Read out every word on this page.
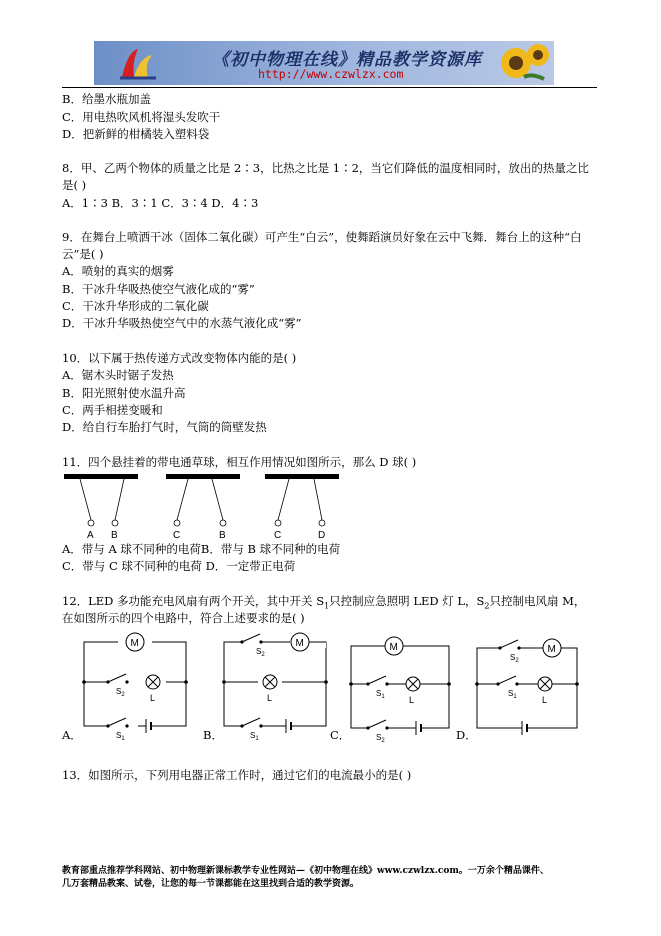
《初中物理在线》精品教学资源库
http://www.czwlzx.com
B．给墨水瓶加盖
C．用电热吹风机将湿头发吹干
D．把新鲜的柑橘装入塑料袋
8．甲、乙两个物体的质量之比是 2∶3，比热之比是 1∶2，当它们降低的温度相同时，放出的热量之比
是( )
A．1∶3 B．3∶1 C．3∶4 D．4∶3
9．在舞台上喷洒干冰（固体二氧化碳）可产生“白云”，使舞蹈演员好象在云中飞舞．舞台上的这种“白
云”是( )
A．喷射的真实的烟雾
B．干冰升华吸热使空气液化成的“雾”
C．干冰升华形成的二氧化碳
D．干冰升华吸热使空气中的水蒸气液化成“雾”
10．以下属于热传递方式改变物体内能的是( )
A．锯木头时锯子发热
B．阳光照射使水温升高
C．两手相搓变暖和
D．给自行车胎打气时，气筒的筒壁发热
11．四个悬挂着的带电通草球，相互作用情况如图所示，那么 D 球( )
A B	C	B	C	D
A．带与 A 球不同种的电荷B．带与 B 球不同种的电荷
C．带与 C 球不同种的电荷 D．一定带正电荷
12．LED 多功能充电风扇有两个开关，其中开关 $S_1$只控制应急照明 LED 灯 L，$S_2$只控制电风扇 M，
在如图所示的四个电路中，符合上述要求的是( )
M
$S_2$	L
$S_1$
A．
$S_2$
M
L
$S_1$
B．
M
$S_1$	L
$S_2$
C．
$S_2$
M
$S_1$	L
D．
13．如图所示，下列用电器正常工作时，通过它们的电流最小的是( )
教育部重点推荐学科网站、初中物理新课标教学专业性网站—《初中物理在线》www.czwlzx.com。一万余个精品课件、
几万套精品教案、试卷，让您的每一节课都能在这里找到合适的教学资源。
